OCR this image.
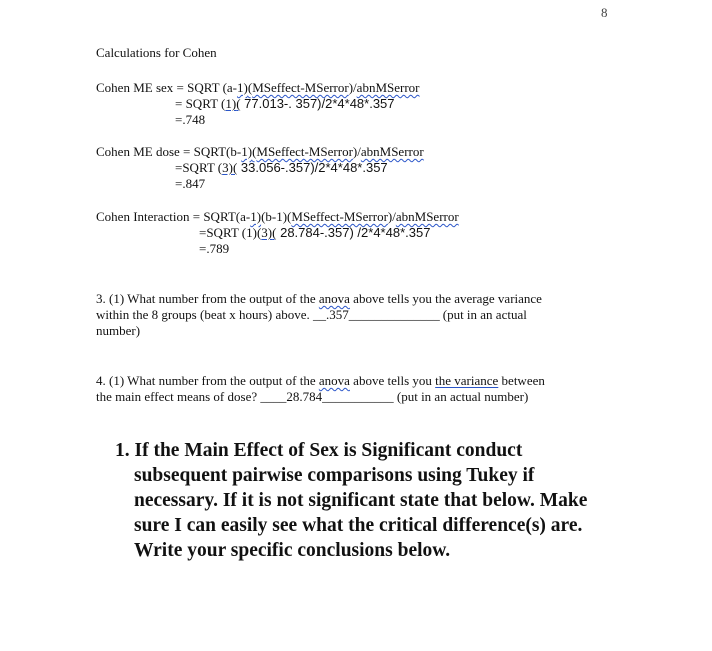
8
Calculations for Cohen
Cohen ME sex = SQRT (a-1)(MSeffect-MSerror)/abnMSerror
= SQRT (1)( 77.013-. 357)/2*4*48*.357
=.748
Cohen ME dose = SQRT(b-1)(MSeffect-MSerror)/abnMSerror
=SQRT (3)( 33.056-.357)/2*4*48*.357
=.847
Cohen Interaction = SQRT(a-1)(b-1)(MSeffect-MSerror)/abnMSerror
=SQRT (1)(3)( 28.784-.357) /2*4*48*.357
=.789
3. (1) What number from the output of the anova above tells you the average variance
within the 8 groups (beat x hours) above. __.357______________ (put in an actual
number)
4. (1) What number from the output of the anova above tells you the variance between
the main effect means of dose? ____28.784___________ (put in an actual number)
1. If the Main Effect of Sex is Significant conduct
subsequent pairwise comparisons using Tukey if
necessary. If it is not significant state that below. Make
sure I can easily see what the critical difference(s) are.
Write your specific conclusions below.
